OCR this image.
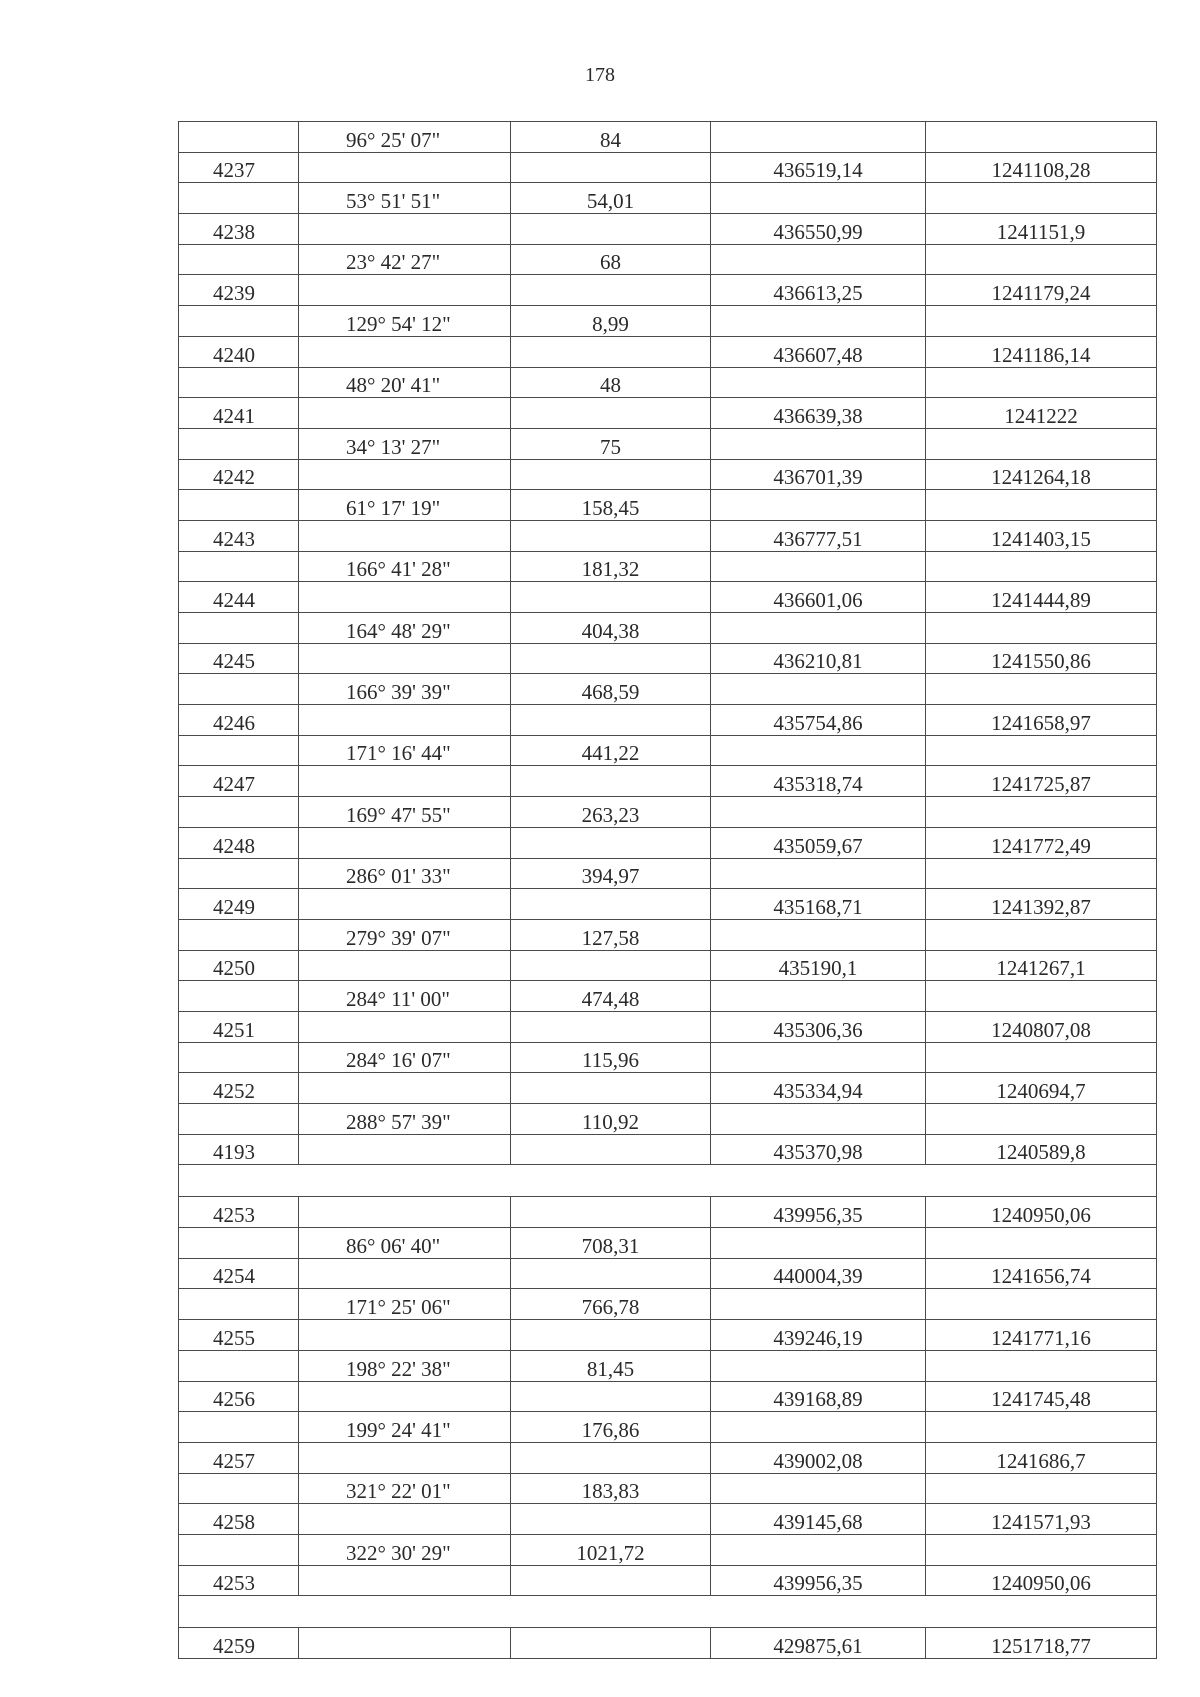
178
	96° 25' 07"	84		
4237			436519,14	1241108,28
	53° 51' 51"	54,01		
4238			436550,99	1241151,9
	23° 42' 27"	68		
4239			436613,25	1241179,24
	129° 54' 12"	8,99		
4240			436607,48	1241186,14
	48° 20' 41"	48		
4241			436639,38	1241222
	34° 13' 27"	75		
4242			436701,39	1241264,18
	61° 17' 19"	158,45		
4243			436777,51	1241403,15
	166° 41' 28"	181,32		
4244			436601,06	1241444,89
	164° 48' 29"	404,38		
4245			436210,81	1241550,86
	166° 39' 39"	468,59		
4246			435754,86	1241658,97
	171° 16' 44"	441,22		
4247			435318,74	1241725,87
	169° 47' 55"	263,23		
4248			435059,67	1241772,49
	286° 01' 33"	394,97		
4249			435168,71	1241392,87
	279° 39' 07"	127,58		
4250			435190,1	1241267,1
	284° 11' 00"	474,48		
4251			435306,36	1240807,08
	284° 16' 07"	115,96		
4252			435334,94	1240694,7
	288° 57' 39"	110,92		
4193			435370,98	1240589,8

4253			439956,35	1240950,06
	86° 06' 40"	708,31		
4254			440004,39	1241656,74
	171° 25' 06"	766,78		
4255			439246,19	1241771,16
	198° 22' 38"	81,45		
4256			439168,89	1241745,48
	199° 24' 41"	176,86		
4257			439002,08	1241686,7
	321° 22' 01"	183,83		
4258			439145,68	1241571,93
	322° 30' 29"	1021,72		
4253			439956,35	1240950,06

4259			429875,61	1251718,77
